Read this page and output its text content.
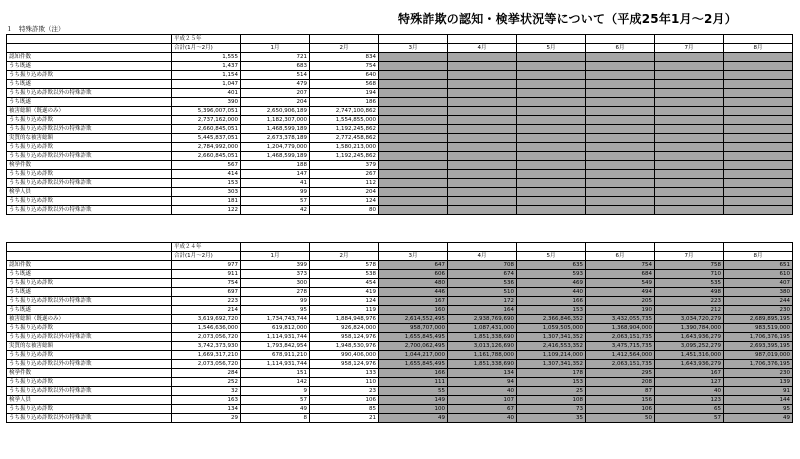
特殊詐欺の認知・検挙状況等について（平成25年1月～2月）
１　特殊詐欺（注）
	平成２５年								
	合計(1月～2月)	1月	2月	3月	4月	5月	6月	7月	8月

認知件数	1,555	721	834						

うち既遂	1,437	683	754						

うち振り込め詐欺	1,154	514	640						

うち既遂	1,047	479	568						

うち振り込め詐欺以外の特殊詐欺	401	207	194						

うち既遂	390	204	186						

被害総額（既遂のみ）	5,396,007,051	2,650,906,189	2,747,100,862						

うち振り込め詐欺	2,737,162,000	1,182,307,000	1,554,855,000						

うち振り込め詐欺以外の特殊詐欺	2,660,845,051	1,468,599,189	1,192,245,862						

実質的な被害総額	5,445,837,051	2,673,378,189	2,772,458,862						

うち振り込め詐欺	2,784,992,000	1,204,779,000	1,580,213,000						

うち振り込め詐欺以外の特殊詐欺	2,660,845,051	1,468,599,189	1,192,245,862						

検挙件数	567	188	379						

うち振り込め詐欺	414	147	267						

うち振り込め詐欺以外の特殊詐欺	153	41	112						

検挙人員	303	99	204						

うち振り込め詐欺	181	57	124						

うち振り込め詐欺以外の特殊詐欺	122	42	80						
	平成２４年								
	合計(1月～2月)	1月	2月	3月	4月	5月	6月	7月	8月

認知件数	977	399	578	647	708	635	754	758	651

うち既遂	911	373	538	606	674	593	684	710	610

うち振り込め詐欺	754	300	454	480	536	469	549	535	407

うち既遂	697	278	419	446	510	440	494	498	380

うち振り込め詐欺以外の特殊詐欺	223	99	124	167	172	166	205	223	244

うち既遂	214	95	119	160	164	153	190	212	230

被害総額（既遂のみ）	3,619,692,720	1,734,743,744	1,884,948,976	2,614,552,495	2,938,769,690	2,366,846,352	3,432,055,735	3,034,720,279	2,689,895,195

うち振り込め詐欺	1,546,636,000	619,812,000	926,824,000	958,707,000	1,087,431,000	1,059,505,000	1,368,904,000	1,390,784,000	983,519,000

うち振り込め詐欺以外の特殊詐欺	2,073,056,720	1,114,931,744	958,124,976	1,655,845,495	1,851,338,690	1,307,341,352	2,063,151,735	1,643,936,279	1,706,376,195

実質的な被害総額	3,742,373,930	1,793,842,954	1,948,530,976	2,700,062,495	3,013,126,690	2,416,553,352	3,475,715,735	3,095,252,279	2,693,395,195

うち振り込め詐欺	1,669,317,210	678,911,210	990,406,000	1,044,217,000	1,161,788,000	1,109,214,000	1,412,564,000	1,451,316,000	987,019,000

うち振り込め詐欺以外の特殊詐欺	2,073,056,720	1,114,931,744	958,124,976	1,655,845,495	1,851,338,690	1,307,341,352	2,063,151,735	1,643,936,279	1,706,376,195

検挙件数	284	151	133	166	134	178	295	167	230

うち振り込め詐欺	252	142	110	111	94	153	208	127	139

うち振り込め詐欺以外の特殊詐欺	32	9	23	55	40	25	87	40	91

検挙人員	163	57	106	149	107	108	156	123	144

うち振り込め詐欺	134	49	85	100	67	73	106	65	95

うち振り込め詐欺以外の特殊詐欺	29	8	21	49	40	35	50	57	49
